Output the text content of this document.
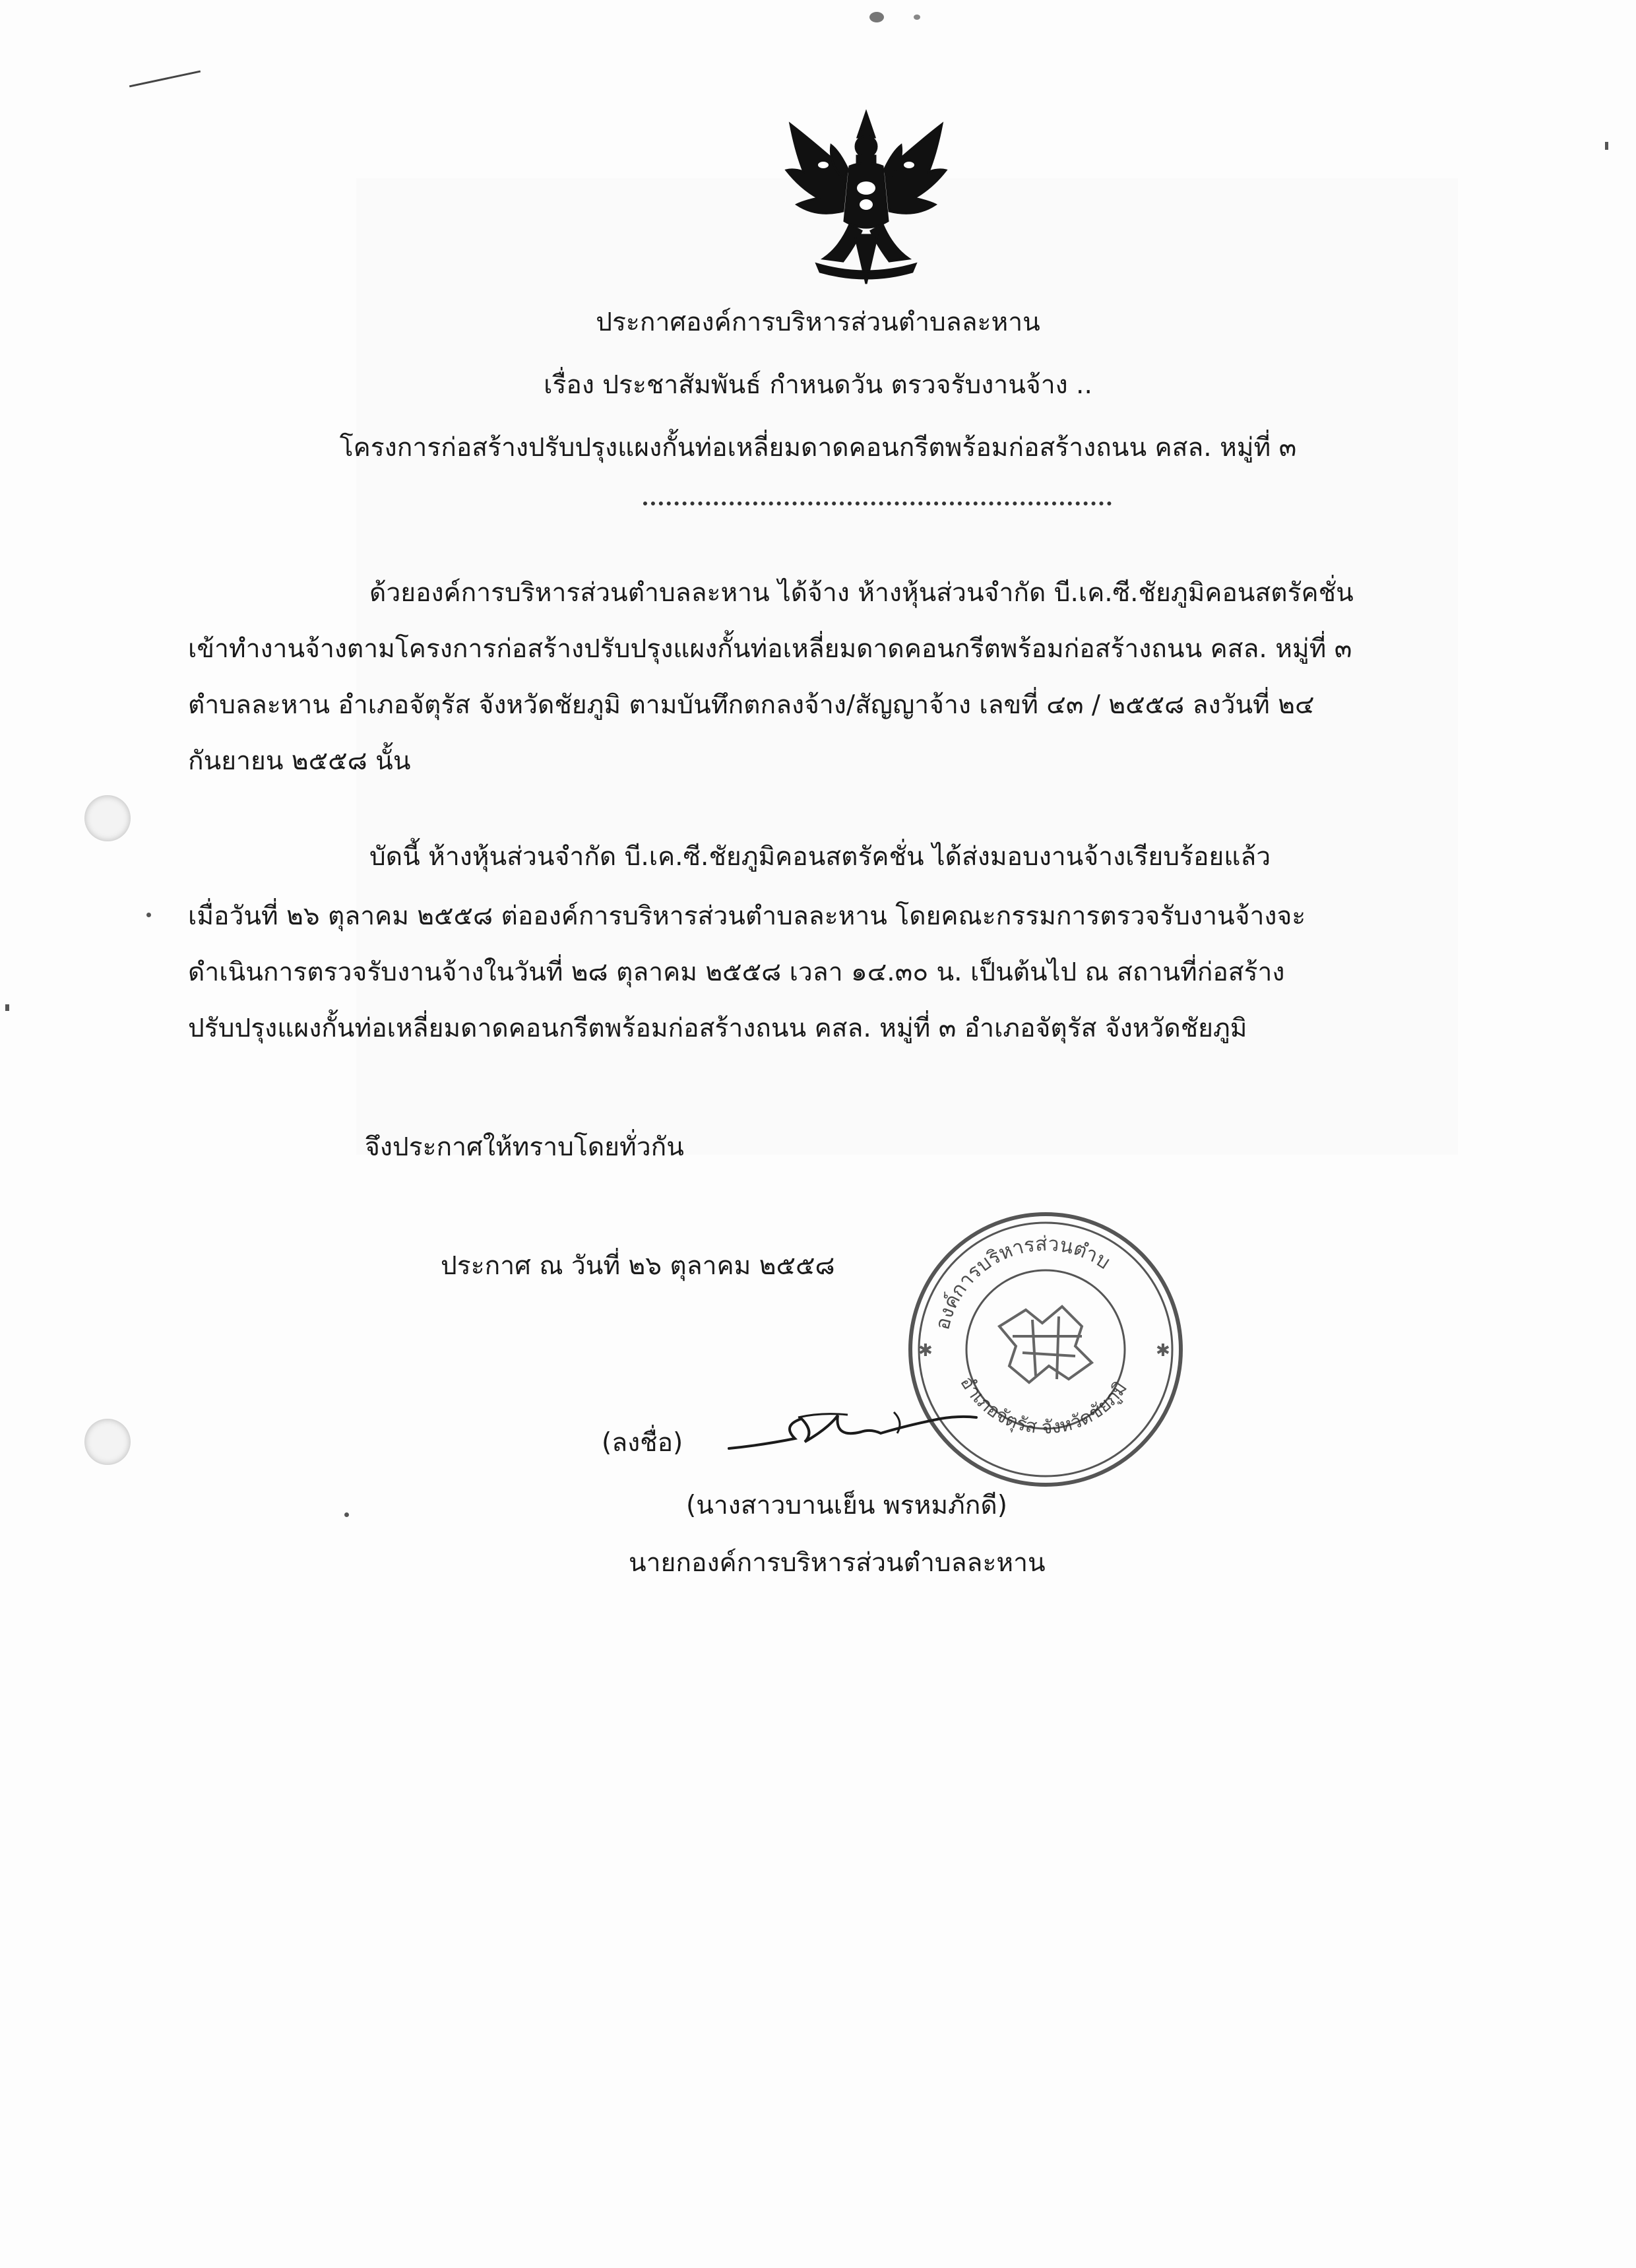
ประกาศองค์การบริหารส่วนตำบลละหาน
เรื่อง ประชาสัมพันธ์ กำหนดวัน ตรวจรับงานจ้าง ..
โครงการก่อสร้างปรับปรุงแผงกั้นท่อเหลี่ยมดาดคอนกรีตพร้อมก่อสร้างถนน คสล. หมู่ที่ ๓
ด้วยองค์การบริหารส่วนตำบลละหาน ได้จ้าง ห้างหุ้นส่วนจำกัด บี.เค.ซี.ชัยภูมิคอนสตรัคชั่น
เข้าทำงานจ้างตามโครงการก่อสร้างปรับปรุงแผงกั้นท่อเหลี่ยมดาดคอนกรีตพร้อมก่อสร้างถนน คสล. หมู่ที่ ๓
ตำบลละหาน อำเภอจัตุรัส จังหวัดชัยภูมิ ตามบันทึกตกลงจ้าง/สัญญาจ้าง เลขที่ ๔๓ / ๒๕๕๘ ลงวันที่ ๒๔
กันยายน ๒๕๕๘ นั้น
บัดนี้ ห้างหุ้นส่วนจำกัด บี.เค.ซี.ชัยภูมิคอนสตรัคชั่น ได้ส่งมอบงานจ้างเรียบร้อยแล้ว
เมื่อวันที่ ๒๖ ตุลาคม ๒๕๕๘ ต่อองค์การบริหารส่วนตำบลละหาน โดยคณะกรรมการตรวจรับงานจ้างจะ
ดำเนินการตรวจรับงานจ้างในวันที่ ๒๘ ตุลาคม ๒๕๕๘ เวลา ๑๔.๓๐ น. เป็นต้นไป ณ สถานที่ก่อสร้าง
ปรับปรุงแผงกั้นท่อเหลี่ยมดาดคอนกรีตพร้อมก่อสร้างถนน คสล. หมู่ที่ ๓ อำเภอจัตุรัส จังหวัดชัยภูมิ
จึงประกาศให้ทราบโดยทั่วกัน
ประกาศ ณ วันที่ ๒๖ ตุลาคม ๒๕๕๘
องค์การบริหารส่วนตำบ
อำเภอจัตุรัส จังหวัดชัยภูมิ
✱	✱
(ลงชื่อ)
(นางสาวบานเย็น พรหมภักดี)
นายกองค์การบริหารส่วนตำบลละหาน
